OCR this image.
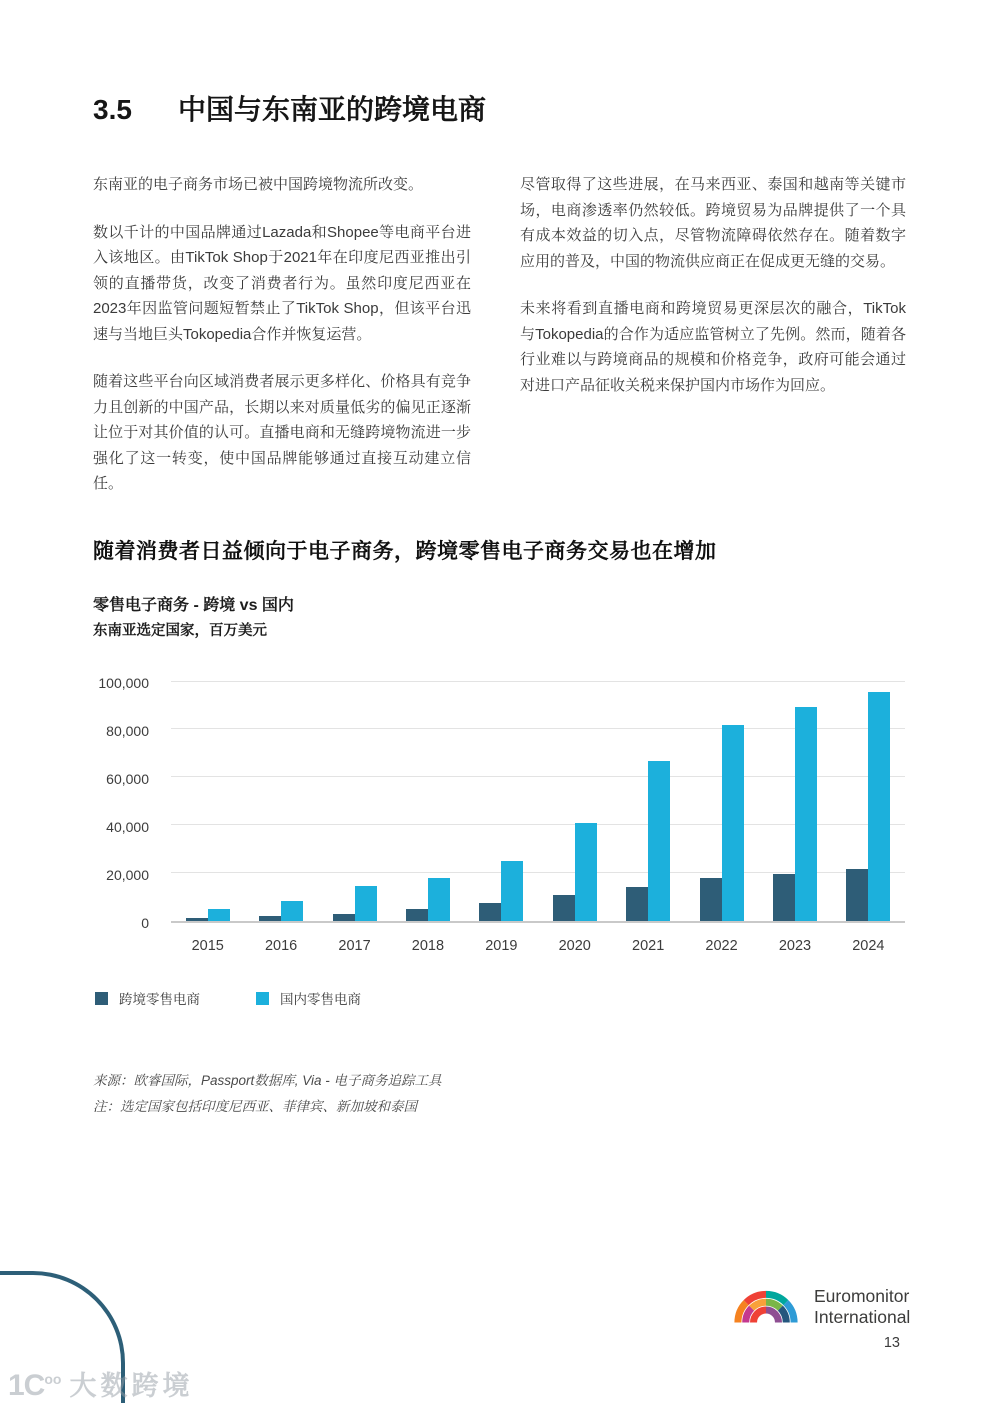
3.5 中国与东南亚的跨境电商

东南亚的电子商务市场已被中国跨境物流所改变。

数以千计的中国品牌通过Lazada和Shopee等电商平台进入该地区。由TikTok Shop于2021年在印度尼西亚推出引领的直播带货，改变了消费者行为。虽然印度尼西亚在2023年因监管问题短暂禁止了TikTok Shop，但该平台迅速与当地巨头Tokopedia合作并恢复运营。

随着这些平台向区域消费者展示更多样化、价格具有竞争力且创新的中国产品，长期以来对质量低劣的偏见正逐渐让位于对其价值的认可。直播电商和无缝跨境物流进一步强化了这一转变，使中国品牌能够通过直接互动建立信任。

尽管取得了这些进展，在马来西亚、泰国和越南等关键市场，电商渗透率仍然较低。跨境贸易为品牌提供了一个具有成本效益的切入点，尽管物流障碍依然存在。随着数字应用的普及，中国的物流供应商正在促成更无缝的交易。

未来将看到直播电商和跨境贸易更深层次的融合，TikTok与Tokopedia的合作为适应监管树立了先例。然而，随着各行业难以与跨境商品的规模和价格竞争，政府可能会通过对进口产品征收关税来保护国内市场作为回应。

随着消费者日益倾向于电子商务，跨境零售电子商务交易也在增加
零售电子商务 - 跨境 vs 国内
东南亚选定国家，百万美元
0
20,000
40,000
60,000
80,000
100,000
2015	2016	2017	2018	2019	2020	2021	2022	2023	2024
跨境零售电商	国内零售电商
来源：欧睿国际，Passport数据库, Via - 电子商务追踪工具
注：选定国家包括印度尼西亚、菲律宾、新加坡和泰国
Euromonitor
International
13
$1C^{oo}$ 大数跨境
